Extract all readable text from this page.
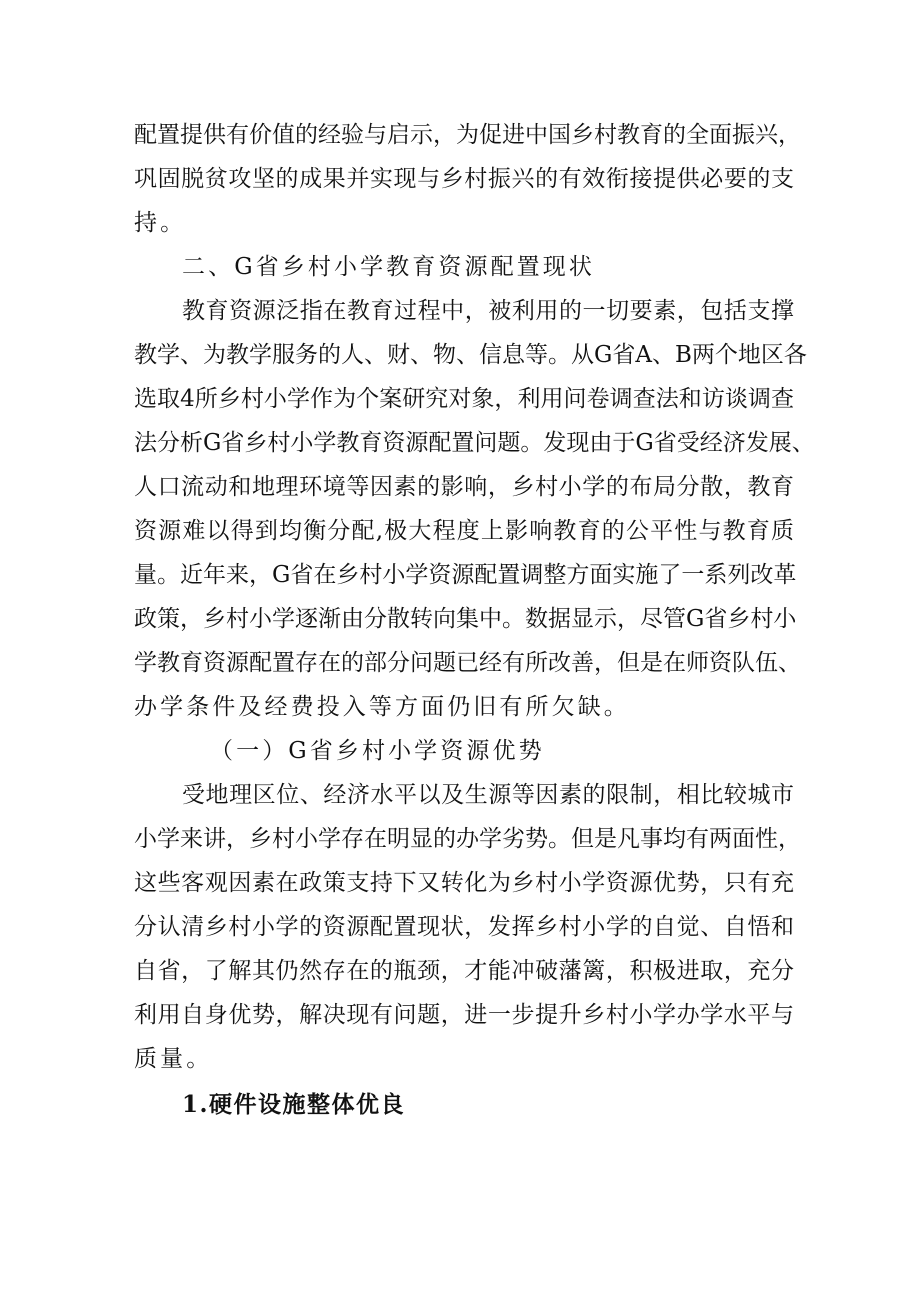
配置提供有价值的经验与启示，为促进中国乡村教育的全面振兴，
巩固脱贫攻坚的成果并实现与乡村振兴的有效衔接提供必要的支
持。
二、G省乡村小学教育资源配置现状
教育资源泛指在教育过程中，被利用的一切要素，包括支撑
教学、为教学服务的人、财、物、信息等。从G省A、B两个地区各
选取4所乡村小学作为个案研究对象，利用问卷调查法和访谈调查
法分析G省乡村小学教育资源配置问题。发现由于G省受经济发展、
人口流动和地理环境等因素的影响，乡村小学的布局分散，教育
资源难以得到均衡分配,极大程度上影响教育的公平性与教育质
量。近年来，G省在乡村小学资源配置调整方面实施了一系列改革
政策，乡村小学逐渐由分散转向集中。数据显示，尽管G省乡村小
学教育资源配置存在的部分问题已经有所改善，但是在师资队伍、
办学条件及经费投入等方面仍旧有所欠缺。
（一）G省乡村小学资源优势
受地理区位、经济水平以及生源等因素的限制，相比较城市
小学来讲，乡村小学存在明显的办学劣势。但是凡事均有两面性，
这些客观因素在政策支持下又转化为乡村小学资源优势，只有充
分认清乡村小学的资源配置现状，发挥乡村小学的自觉、自悟和
自省，了解其仍然存在的瓶颈，才能冲破藩篱，积极进取，充分
利用自身优势，解决现有问题，进一步提升乡村小学办学水平与
质量。
1.硬件设施整体优良
